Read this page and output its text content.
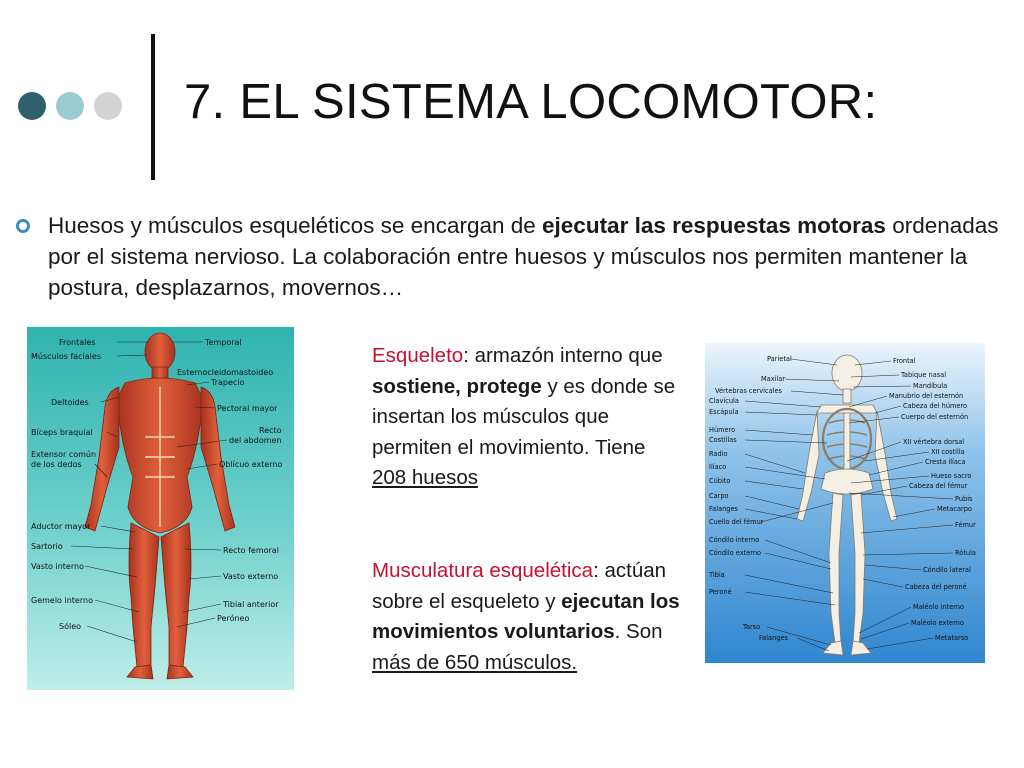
7. EL SISTEMA LOCOMOTOR:
Huesos y músculos esqueléticos se encargan de ejecutar las respuestas motoras ordenadas por el sistema nervioso. La colaboración entre huesos y músculos nos permiten mantener la postura, desplazarnos, movernos…
Frontales
Músculos faciales
Deltoides
Bíceps braquial
Extensor común
de los dedos
Aductor mayor
Sartorio
Vasto interno
Gemelo interno
Sóleo
Temporal
Esternocleidomastoideo
Trapecio
Pectoral mayor
Recto
del abdomen
Oblícuo externo
Recto femoral
Vasto externo
Tibial anterior
Peróneo
Esqueleto: armazón interno que sostiene, protege y es donde se insertan los músculos que permiten el movimiento. Tiene 208 huesos
Musculatura esquelética: actúan sobre el esqueleto y ejecutan los movimientos voluntarios. Son más de 650 músculos.
Parietal
Maxilar
Vértebras cervicales
Clavícula
Escápula
Húmero
Costillas
Radio
Ilíaco
Cúbito
Carpo
Falanges
Cuello del fémur
Cóndilo interno
Cóndilo externo
Tibia
Peroné
Tarso
Falanges
Frontal
Tabique nasal
Mandíbula
Manubrio del esternón
Cabeza del húmero
Cuerpo del esternón
XII vértebra dorsal
XII costilla
Cresta ilíaca
Hueso sacro
Cabeza del fémur
Pubis
Metacarpo
Fémur
Rótula
Cóndilo lateral
Cabeza del peroné
Maléolo interno
Maléolo externo
Metatarso
